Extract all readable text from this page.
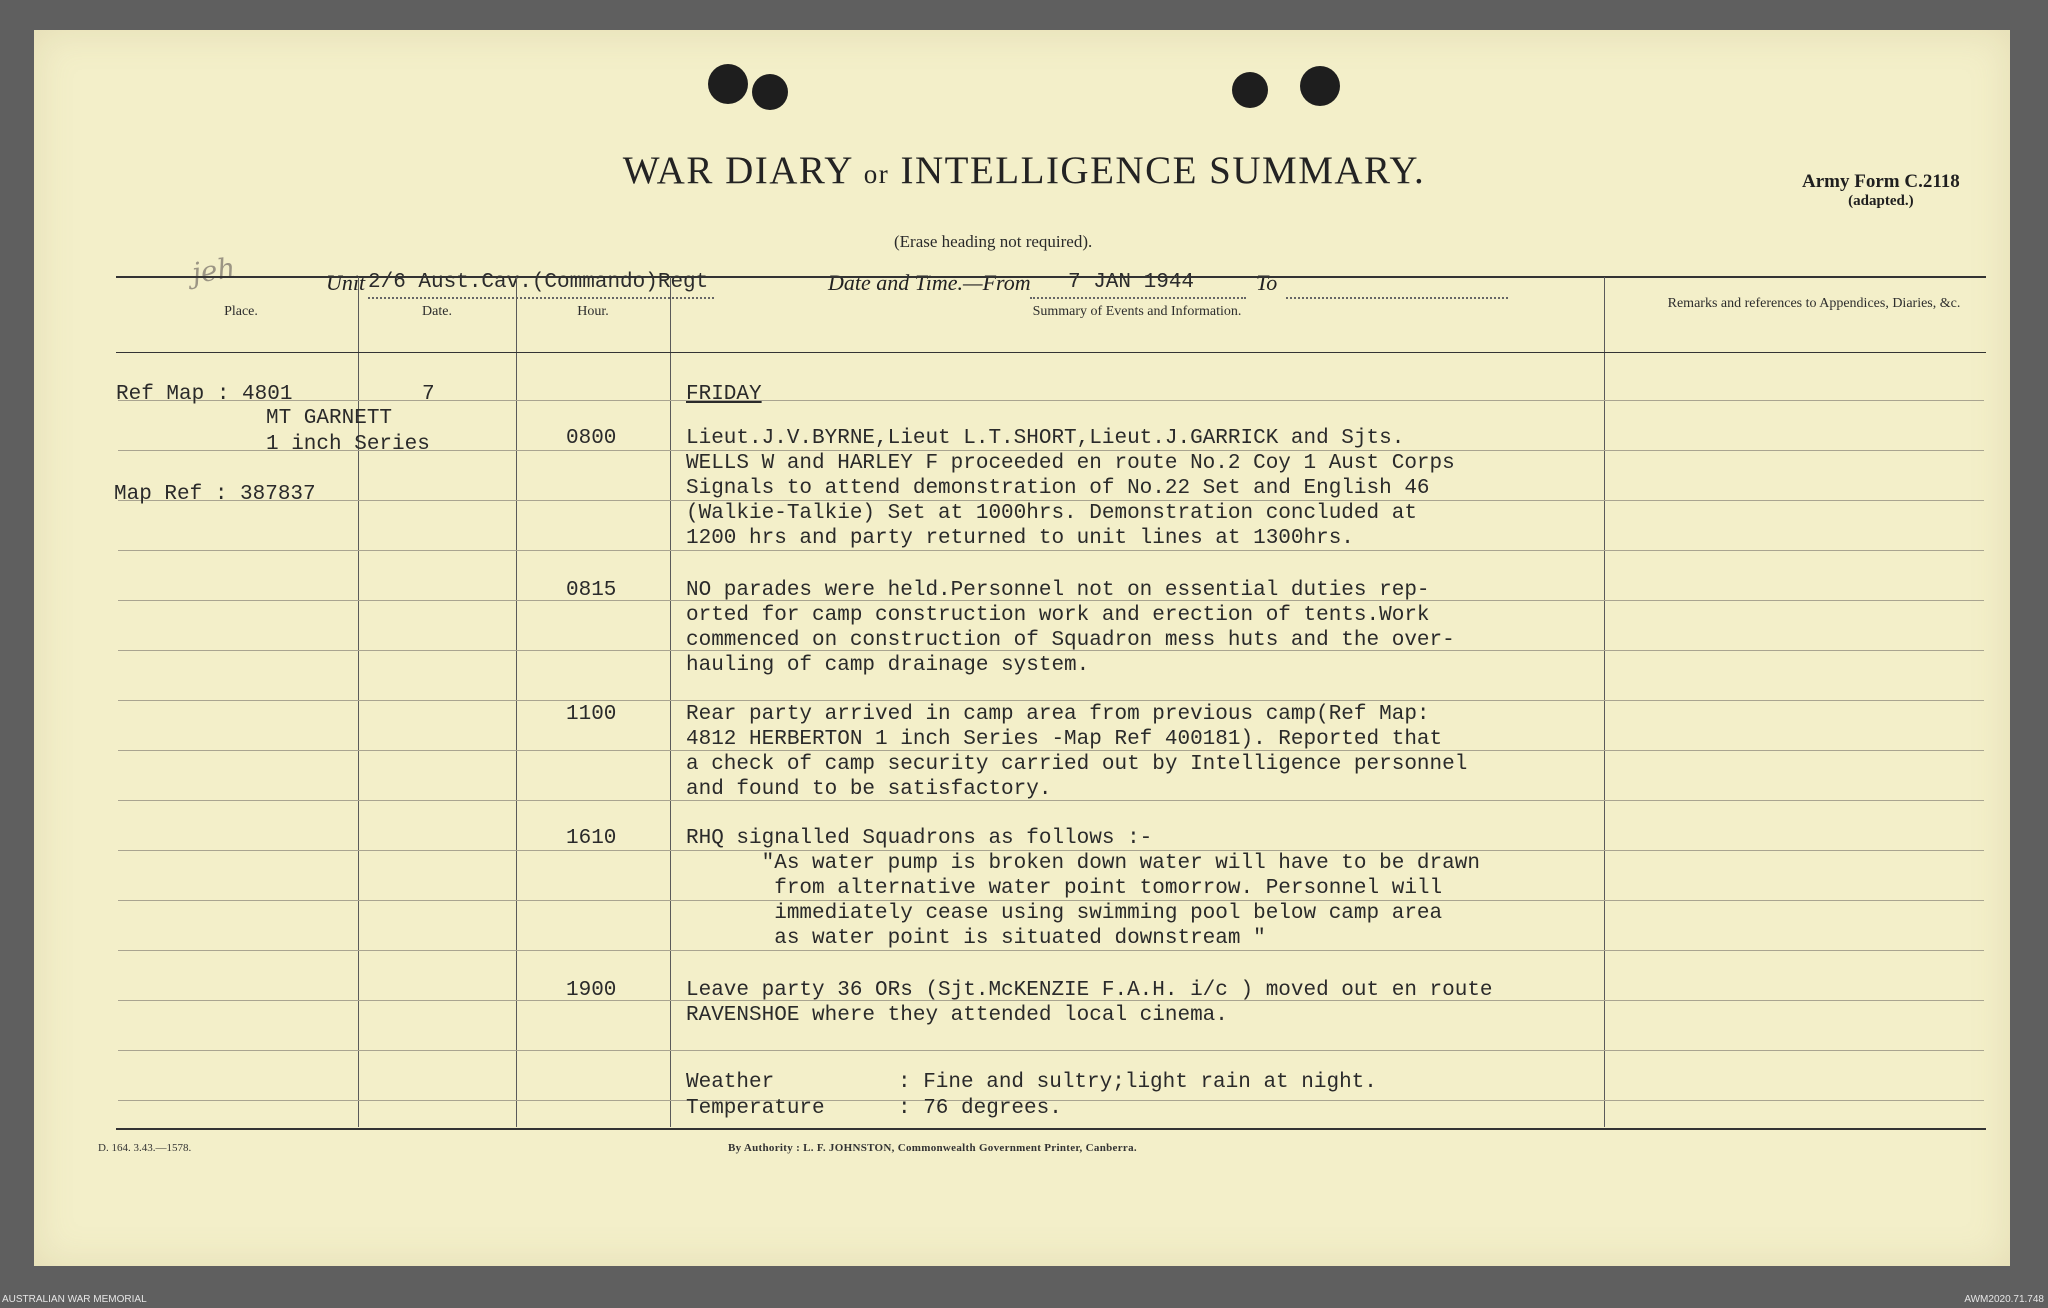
WAR DIARY or INTELLIGENCE SUMMARY.
(Erase heading not required).
Army Form C.2118
(adapted.)
jeh	Unit 2/6 Aust.Cav.(Commando)Regt	Date and Time.—From 7 JAN 1944	To
Place.	Date.	Hour.	Summary of Events and Information.
Remarks and references to Appendices, Diaries, &c.
Ref Map : 4801
MT GARNETT
1 inch Series
Map Ref : 387837
7	FRIDAY
0800	Lieut.J.V.BYRNE,Lieut L.T.SHORT,Lieut.J.GARRICK and Sjts.
WELLS W and HARLEY F proceeded en route No.2 Coy 1 Aust Corps
Signals to attend demonstration of No.22 Set and English 46
(Walkie-Talkie) Set at 1000hrs. Demonstration concluded at
1200 hrs and party returned to unit lines at 1300hrs.
0815	NO parades were held.Personnel not on essential duties rep-
orted for camp construction work and erection of tents.Work
commenced on construction of Squadron mess huts and the over-
hauling of camp drainage system.
1100	Rear party arrived in camp area from previous camp(Ref Map:
4812 HERBERTON 1 inch Series -Map Ref 400181). Reported that
a check of camp security carried out by Intelligence personnel
and found to be satisfactory.
1610	RHQ signalled Squadrons as follows :-
"As water pump is broken down water will have to be drawn
from alternative water point tomorrow. Personnel will
immediately cease using swimming pool below camp area
as water point is situated downstream "
1900	Leave party 36 ORs (Sjt.McKENZIE F.A.H. i/c ) moved out en route
RAVENSHOE where they attended local cinema.
Weather	: Fine and sultry;light rain at night.
Temperature	: 76 degrees.
D. 164. 3.43.—1578.	By Authority : L. F. JOHNSTON, Commonwealth Government Printer, Canberra.
AUSTRALIAN WAR MEMORIAL	AWM2020.71.748
